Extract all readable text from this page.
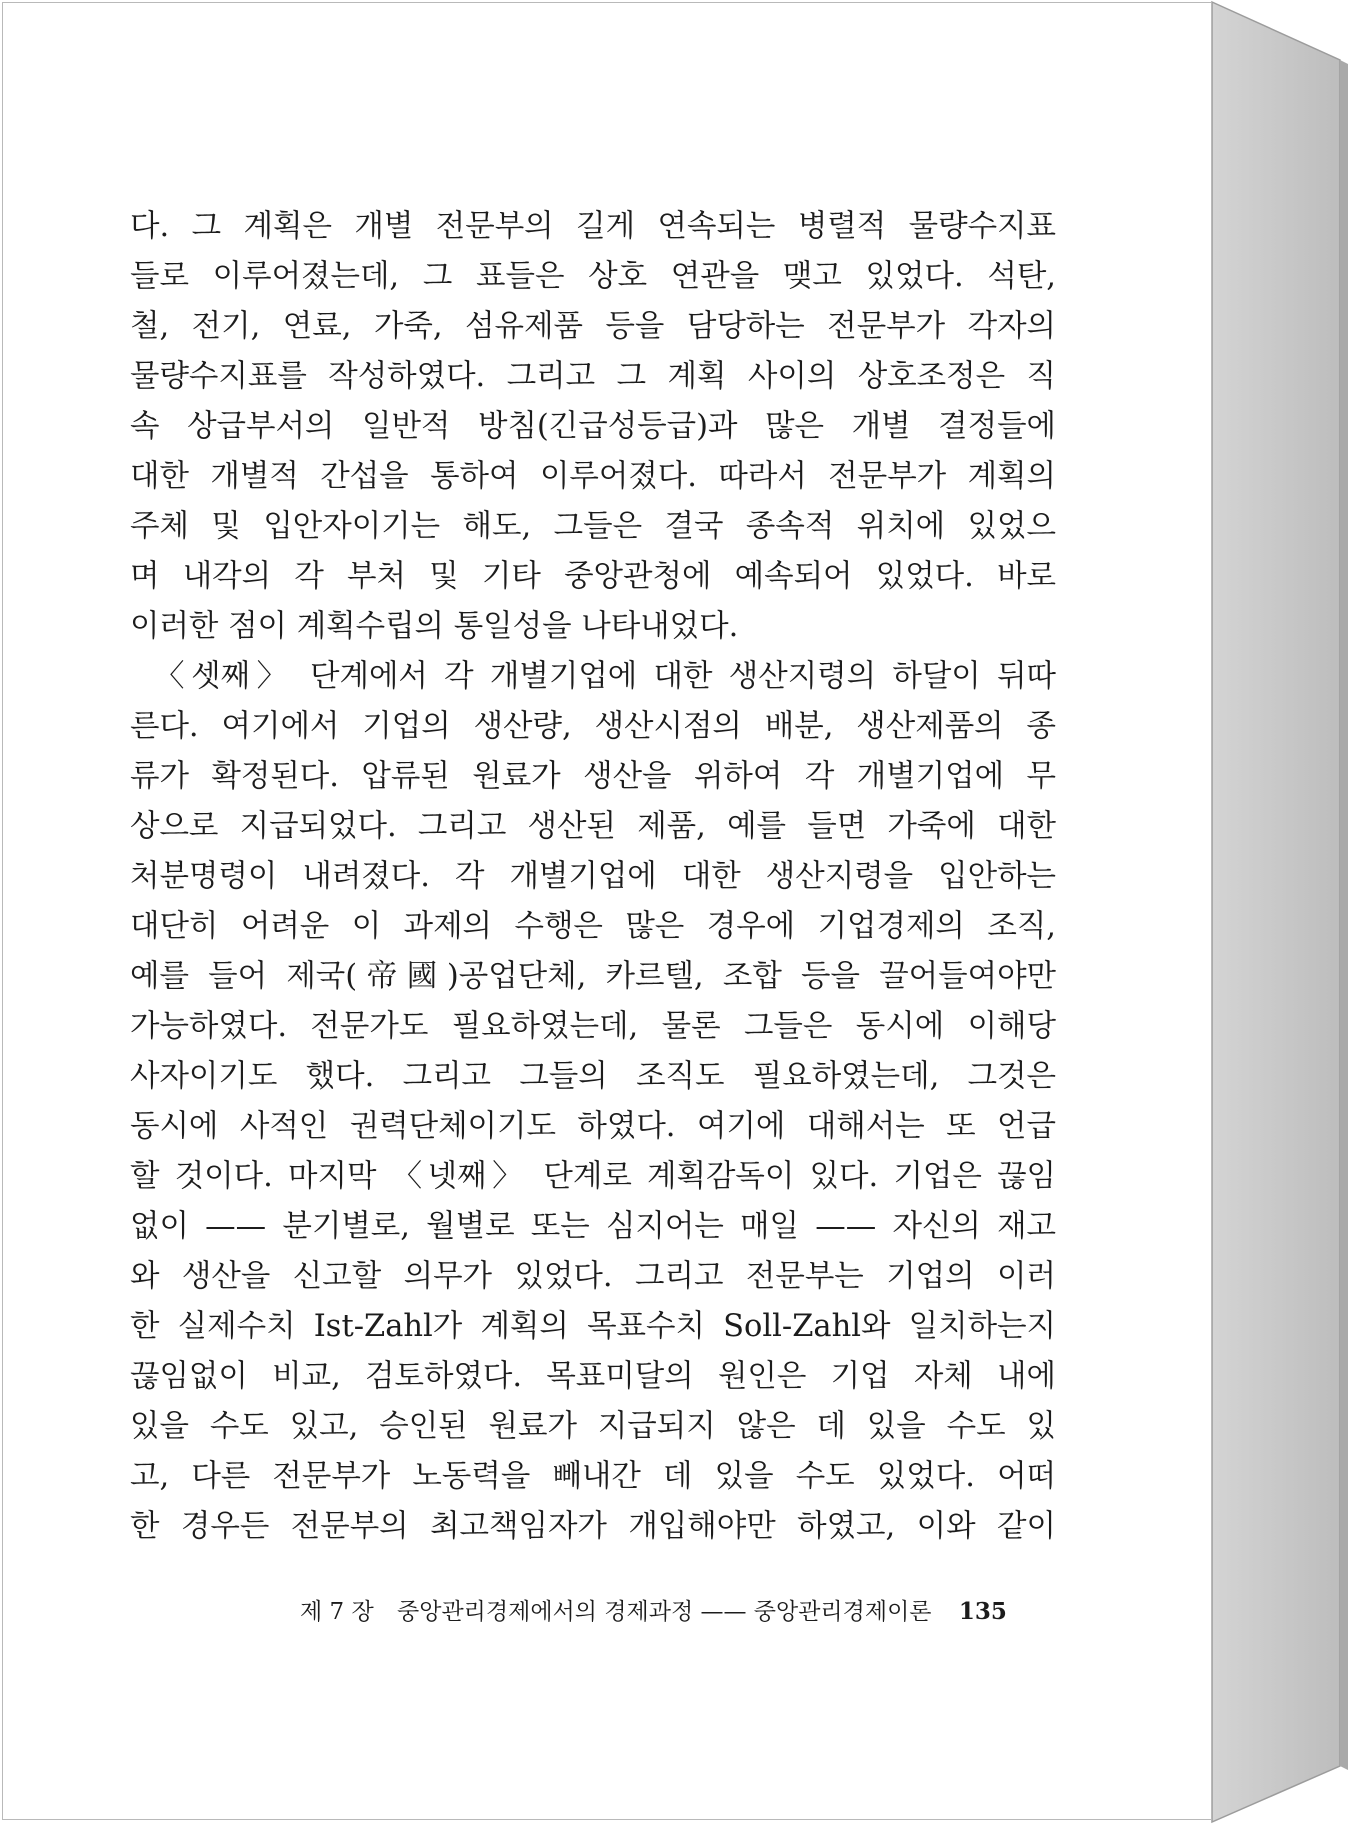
다. 그 계획은 개별 전문부의 길게 연속되는 병렬적 물량수지표
들로 이루어졌는데, 그 표들은 상호 연관을 맺고 있었다. 석탄,
철, 전기, 연료, 가죽, 섬유제품 등을 담당하는 전문부가 각자의
물량수지표를 작성하였다. 그리고 그 계획 사이의 상호조정은 직
속 상급부서의 일반적 방침(긴급성등급)과 많은 개별 결정들에
대한 개별적 간섭을 통하여 이루어졌다. 따라서 전문부가 계획의
주체 및 입안자이기는 해도, 그들은 결국 종속적 위치에 있었으
며 내각의 각 부처 및 기타 중앙관청에 예속되어 있었다. 바로
이러한 점이 계획수립의 통일성을 나타내었다.
〈셋째〉 단계에서 각 개별기업에 대한 생산지령의 하달이 뒤따
른다. 여기에서 기업의 생산량, 생산시점의 배분, 생산제품의 종
류가 확정된다. 압류된 원료가 생산을 위하여 각 개별기업에 무
상으로 지급되었다. 그리고 생산된 제품, 예를 들면 가죽에 대한
처분명령이 내려졌다. 각 개별기업에 대한 생산지령을 입안하는
대단히 어려운 이 과제의 수행은 많은 경우에 기업경제의 조직,
예를 들어 제국(帝國)공업단체, 카르텔, 조합 등을 끌어들여야만
가능하였다. 전문가도 필요하였는데, 물론 그들은 동시에 이해당
사자이기도 했다. 그리고 그들의 조직도 필요하였는데, 그것은
동시에 사적인 권력단체이기도 하였다. 여기에 대해서는 또 언급
할 것이다. 마지막 〈넷째〉 단계로 계획감독이 있다. 기업은 끊임
없이 —— 분기별로, 월별로 또는 심지어는 매일 —— 자신의 재고
와 생산을 신고할 의무가 있었다. 그리고 전문부는 기업의 이러
한 실제수치 Ist-Zahl가 계획의 목표수치 Soll-Zahl와 일치하는지
끊임없이 비교, 검토하였다. 목표미달의 원인은 기업 자체 내에
있을 수도 있고, 승인된 원료가 지급되지 않은 데 있을 수도 있
고, 다른 전문부가 노동력을 빼내간 데 있을 수도 있었다. 어떠
한 경우든 전문부의 최고책임자가 개입해야만 하였고, 이와 같이
제 7 장 중앙관리경제에서의 경제과정 —— 중앙관리경제이론 135
